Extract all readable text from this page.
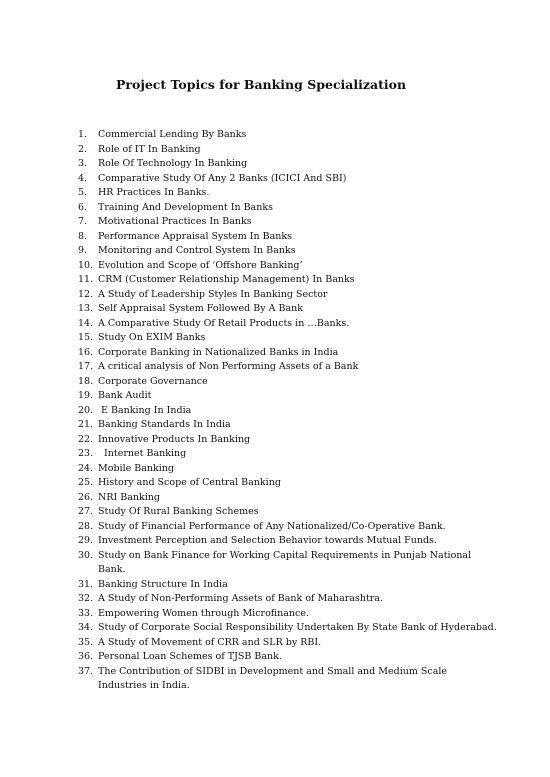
Project Topics for Banking Specialization
1.	Commercial Lending By Banks
2.	Role of IT In Banking
3.	Role Of Technology In Banking
4.	Comparative Study Of Any 2 Banks (ICICI And SBI)
5.	HR Practices In Banks.
6.	Training And Development In Banks
7.	Motivational Practices In Banks
8.	Performance Appraisal System In Banks
9.	Monitoring and Control System In Banks
10. Evolution and Scope of ‘Offshore Banking’
11. CRM (Customer Relationship Management) In Banks
12. A Study of Leadership Styles In Banking Sector
13. Self Appraisal System Followed By A Bank
14. A Comparative Study Of Retail Products in …Banks.
15. Study On EXIM Banks
16. Corporate Banking in Nationalized Banks in India
17. A critical analysis of Non Performing Assets of a Bank
18. Corporate Governance
19. Bank Audit
20. E Banking In India
21. Banking Standards In India
22. Innovative Products In Banking
23. Internet Banking
24. Mobile Banking
25. History and Scope of Central Banking
26. NRI Banking
27. Study Of Rural Banking Schemes
28. Study of Financial Performance of Any Nationalized/Co-Operative Bank.
29. Investment Perception and Selection Behavior towards Mutual Funds.
30. Study on Bank Finance for Working Capital Requirements in Punjab National Bank.
31. Banking Structure In India
32. A Study of Non-Performing Assets of Bank of Maharashtra.
33. Empowering Women through Microfinance.
34. Study of Corporate Social Responsibility Undertaken By State Bank of Hyderabad.
35. A Study of Movement of CRR and SLR by RBI.
36. Personal Loan Schemes of TJSB Bank.
37. The Contribution of SIDBI in Development and Small and Medium Scale Industries in India.
